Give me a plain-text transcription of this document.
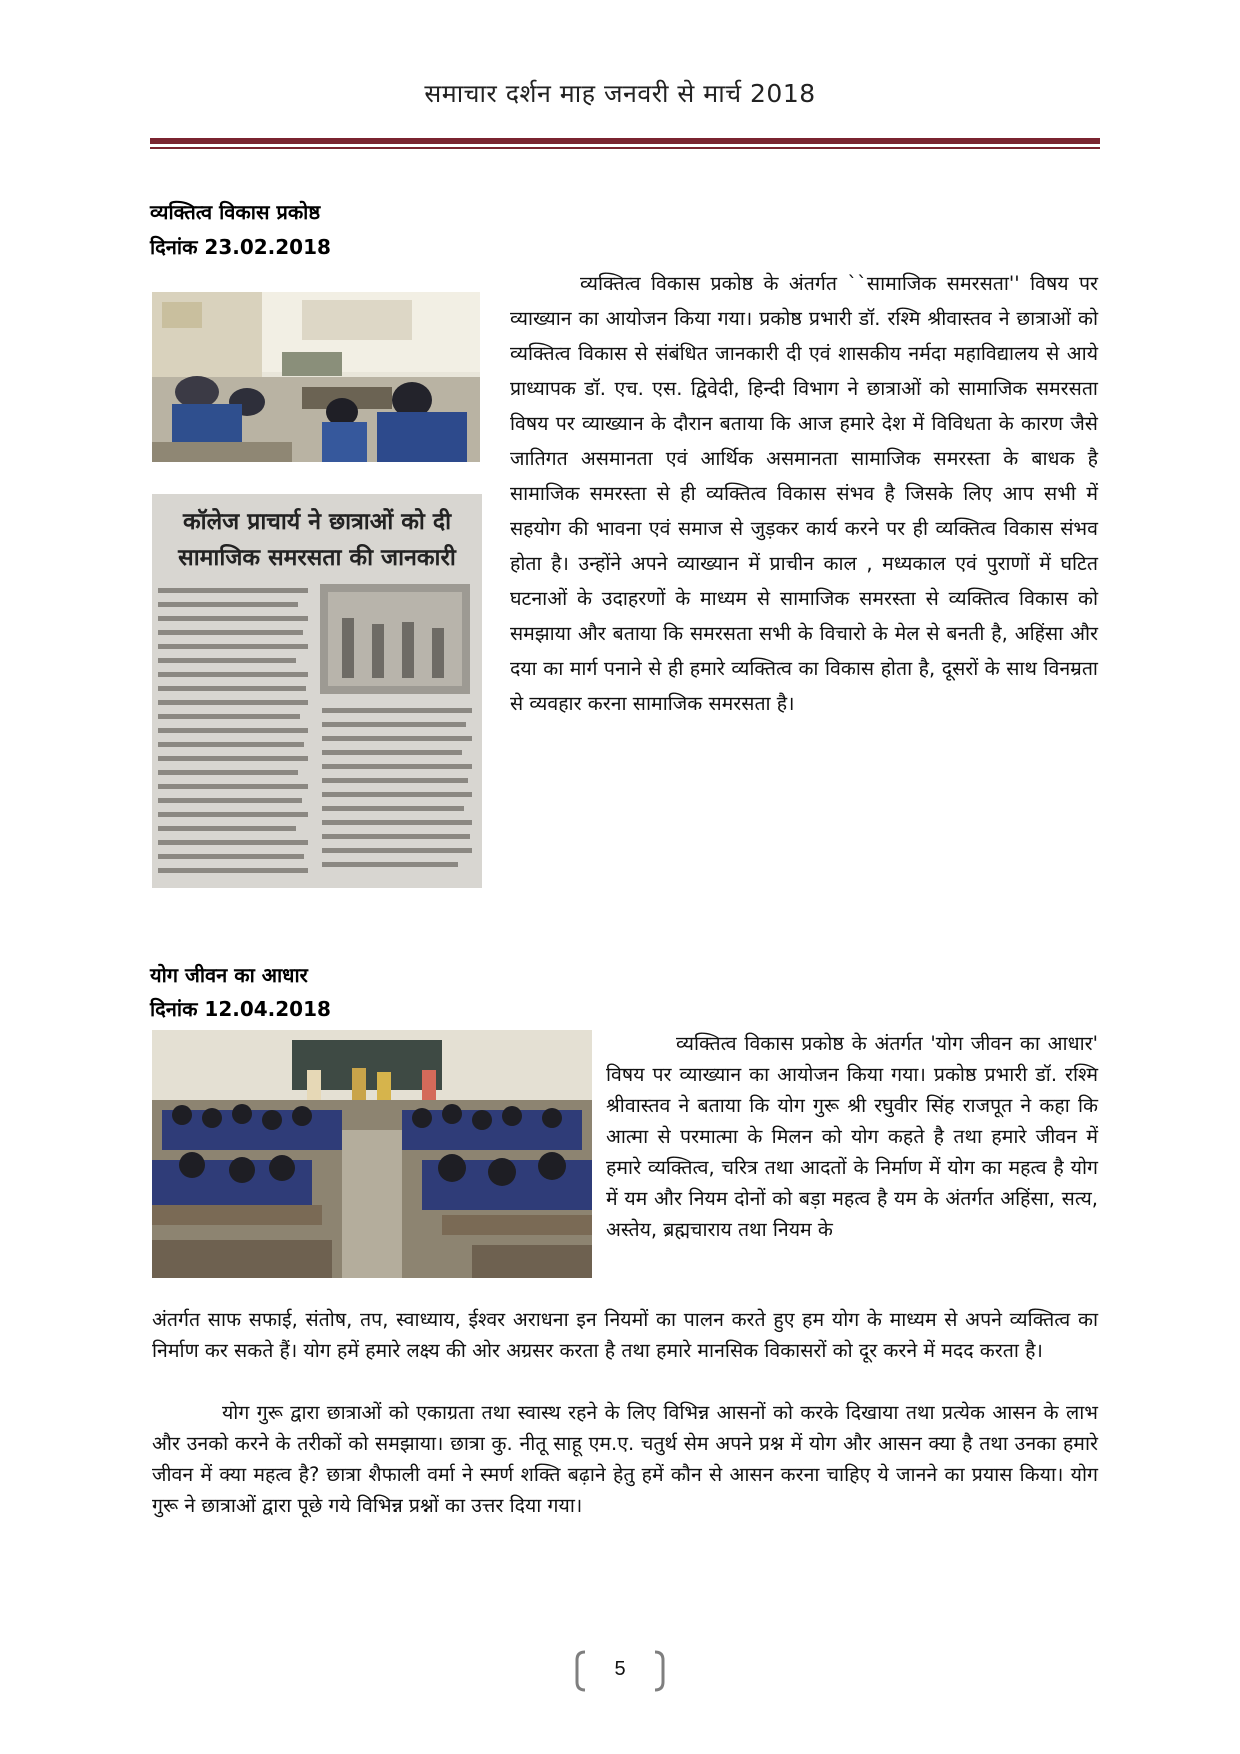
समाचार दर्शन माह जनवरी से मार्च 2018
व्यक्तित्व विकास प्रकोष्ठ
दिनांक 23.02.2018
कॉलेज प्राचार्य ने छात्राओं को दी
सामाजिक समरसता की जानकारी
व्यक्तित्व विकास प्रकोष्ठ के अंतर्गत ``सामाजिक समरसता'' विषय पर व्याख्यान का आयोजन किया गया। प्रकोष्ठ प्रभारी डॉ. रश्मि श्रीवास्तव ने छात्राओं को व्यक्तित्व विकास से संबंधित जानकारी दी एवं शासकीय नर्मदा महाविद्यालय से आये प्राध्यापक डॉ. एच. एस. द्विवेदी, हिन्दी विभाग ने छात्राओं को सामाजिक समरसता विषय पर व्याख्यान के दौरान बताया कि आज हमारे देश में विविधता के कारण जैसे जातिगत असमानता एवं आर्थिक असमानता सामाजिक समरस्ता के बाधक है सामाजिक समरस्ता से ही व्यक्तित्व विकास संभव है जिसके लिए आप सभी में सहयोग की भावना एवं समाज से जुड़कर कार्य करने पर ही व्यक्तित्व विकास संभव होता है। उन्होंने अपने व्याख्यान में प्राचीन काल , मध्यकाल एवं पुराणों में घटित घटनाओं के उदाहरणों के माध्यम से सामाजिक समरस्ता से व्यक्तित्व विकास को समझाया और बताया कि समरसता सभी के विचारो के मेल से बनती है, अहिंसा और दया का मार्ग पनाने से ही हमारे व्यक्तित्व का विकास होता है, दूसरों के साथ विनम्रता से व्यवहार करना सामाजिक समरसता है।
योग जीवन का आधार
दिनांक 12.04.2018
व्यक्तित्व विकास प्रकोष्ठ के अंतर्गत 'योग जीवन का आधार' विषय पर व्याख्यान का आयोजन किया गया। प्रकोष्ठ प्रभारी डॉ. रश्मि श्रीवास्तव ने बताया कि योग गुरू श्री रघुवीर सिंह राजपूत ने कहा कि आत्मा से परमात्मा के मिलन को योग कहते है तथा हमारे जीवन में हमारे व्यक्तित्व, चरित्र तथा आदतों के निर्माण में योग का महत्व है योग में यम और नियम दोनों को बड़ा महत्व है यम के अंतर्गत अहिंसा, सत्य, अस्तेय, ब्रह्मचाराय तथा नियम के
अंतर्गत साफ सफाई, संतोष, तप, स्वाध्याय, ईश्वर अराधना इन नियमों का पालन करते हुए हम योग के माध्यम से अपने व्यक्तित्व का निर्माण कर सकते हैं। योग हमें हमारे लक्ष्य की ओर अग्रसर करता है तथा हमारे मानसिक विकासरों को दूर करने में मदद करता है।
योग गुरू द्वारा छात्राओं को एकाग्रता तथा स्वास्थ रहने के लिए विभिन्न आसनों को करके दिखाया तथा प्रत्येक आसन के लाभ और उनको करने के तरीकों को समझाया। छात्रा कु. नीतू साहू एम.ए. चतुर्थ सेम अपने प्रश्न में योग और आसन क्या है तथा उनका हमारे जीवन में क्या महत्व है? छात्रा शैफाली वर्मा ने स्मर्ण शक्ति बढ़ाने हेतु हमें कौन से आसन करना चाहिए ये जानने का प्रयास किया। योग गुरू ने छात्राओं द्वारा पूछे गये विभिन्न प्रश्नों का उत्तर दिया गया।
5
